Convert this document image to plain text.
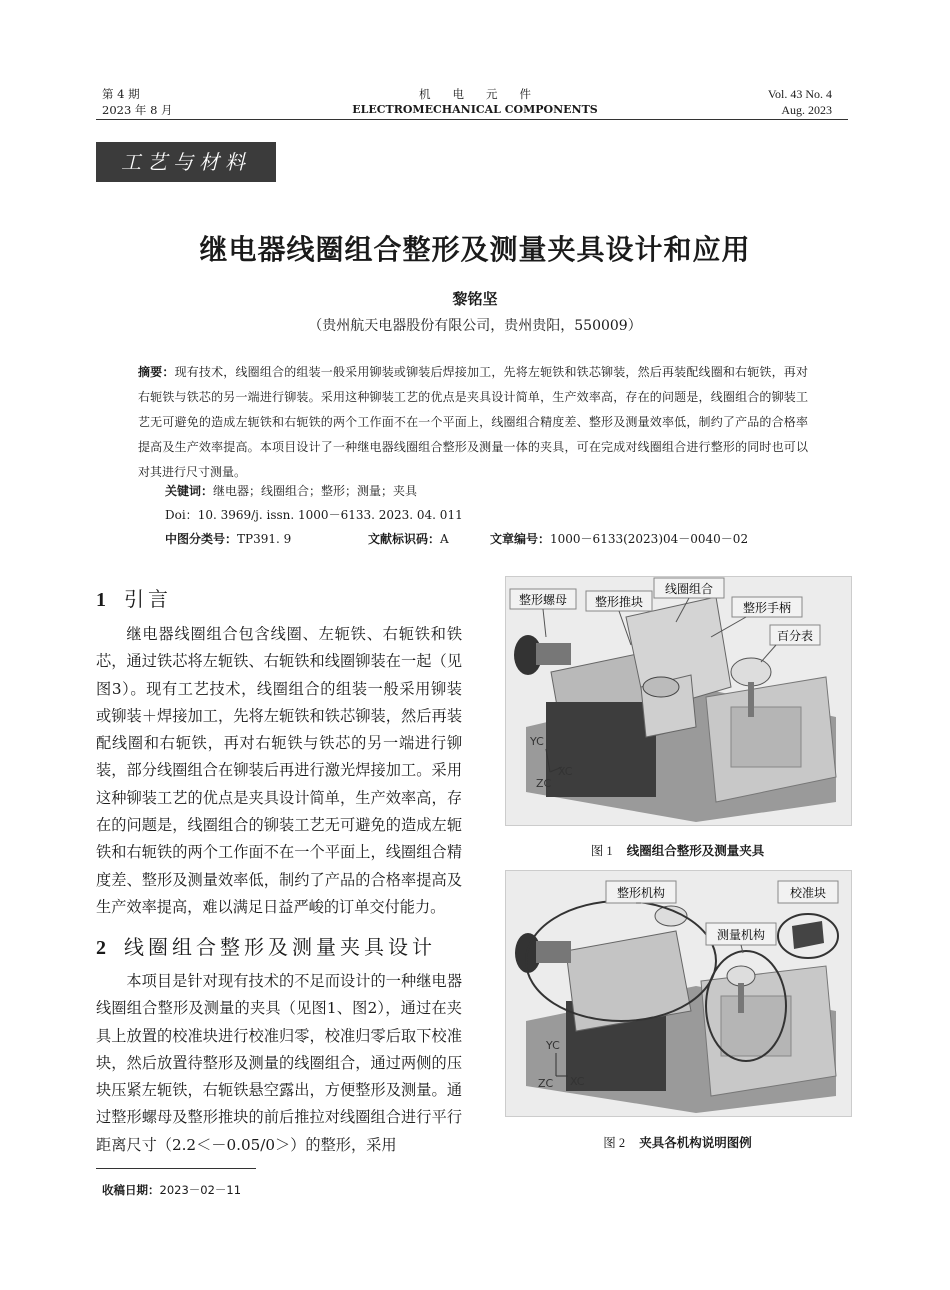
第 4 期
2023 年 8 月
机电元件
ELECTROMECHANICAL COMPONENTS
Vol. 43 No. 4
Aug. 2023
工艺与材料
继电器线圈组合整形及测量夹具设计和应用
黎铭坚
（贵州航天电器股份有限公司，贵州贵阳，550009）
摘要：现有技术，线圈组合的组装一般采用铆装或铆装后焊接加工，先将左轭铁和铁芯铆装，然后再装配线圈和右轭铁，再对右轭铁与铁芯的另一端进行铆装。采用这种铆装工艺的优点是夹具设计简单，生产效率高，存在的问题是，线圈组合的铆装工艺无可避免的造成左轭铁和右轭铁的两个工作面不在一个平面上，线圈组合精度差、整形及测量效率低，制约了产品的合格率提高及生产效率提高。本项目设计了一种继电器线圈组合整形及测量一体的夹具，可在完成对线圈组合进行整形的同时也可以对其进行尺寸测量。
关键词：继电器；线圈组合；整形；测量；夹具
Doi：10. 3969/j. issn. 1000－6133. 2023. 04. 011
中图分类号：TP391. 9	文献标识码：A	文章编号：1000－6133(2023)04－0040－02
1 引言

继电器线圈组合包含线圈、左轭铁、右轭铁和铁芯，通过铁芯将左轭铁、右轭铁和线圈铆装在一起（见图3）。现有工艺技术，线圈组合的组装一般采用铆装或铆装＋焊接加工，先将左轭铁和铁芯铆装，然后再装配线圈和右轭铁，再对右轭铁与铁芯的另一端进行铆装，部分线圈组合在铆装后再进行激光焊接加工。采用这种铆装工艺的优点是夹具设计简单，生产效率高，存在的问题是，线圈组合的铆装工艺无可避免的造成左轭铁和右轭铁的两个工作面不在一个平面上，线圈组合精度差、整形及测量效率低，制约了产品的合格率提高及生产效率提高，难以满足日益严峻的订单交付能力。

2 线圈组合整形及测量夹具设计

本项目是针对现有技术的不足而设计的一种继电器线圈组合整形及测量的夹具（见图1、图2），通过在夹具上放置的校准块进行校准归零，校准归零后取下校准块，然后放置待整形及测量的线圈组合，通过两侧的压块压紧左轭铁，右轭铁悬空露出，方便整形及测量。通过整形螺母及整形推块的前后推拉对线圈组合进行平行距离尺寸（2.2＜－0.05/0＞）的整形，采用

整形螺母 整形推块
线圈组合
整形手柄
百分表
YC
ZC
XC
图 1 线圈组合整形及测量夹具
整形机构	校准块
测量机构
YC
ZC XC
图 2 夹具各机构说明图例
收稿日期：2023－02－11
